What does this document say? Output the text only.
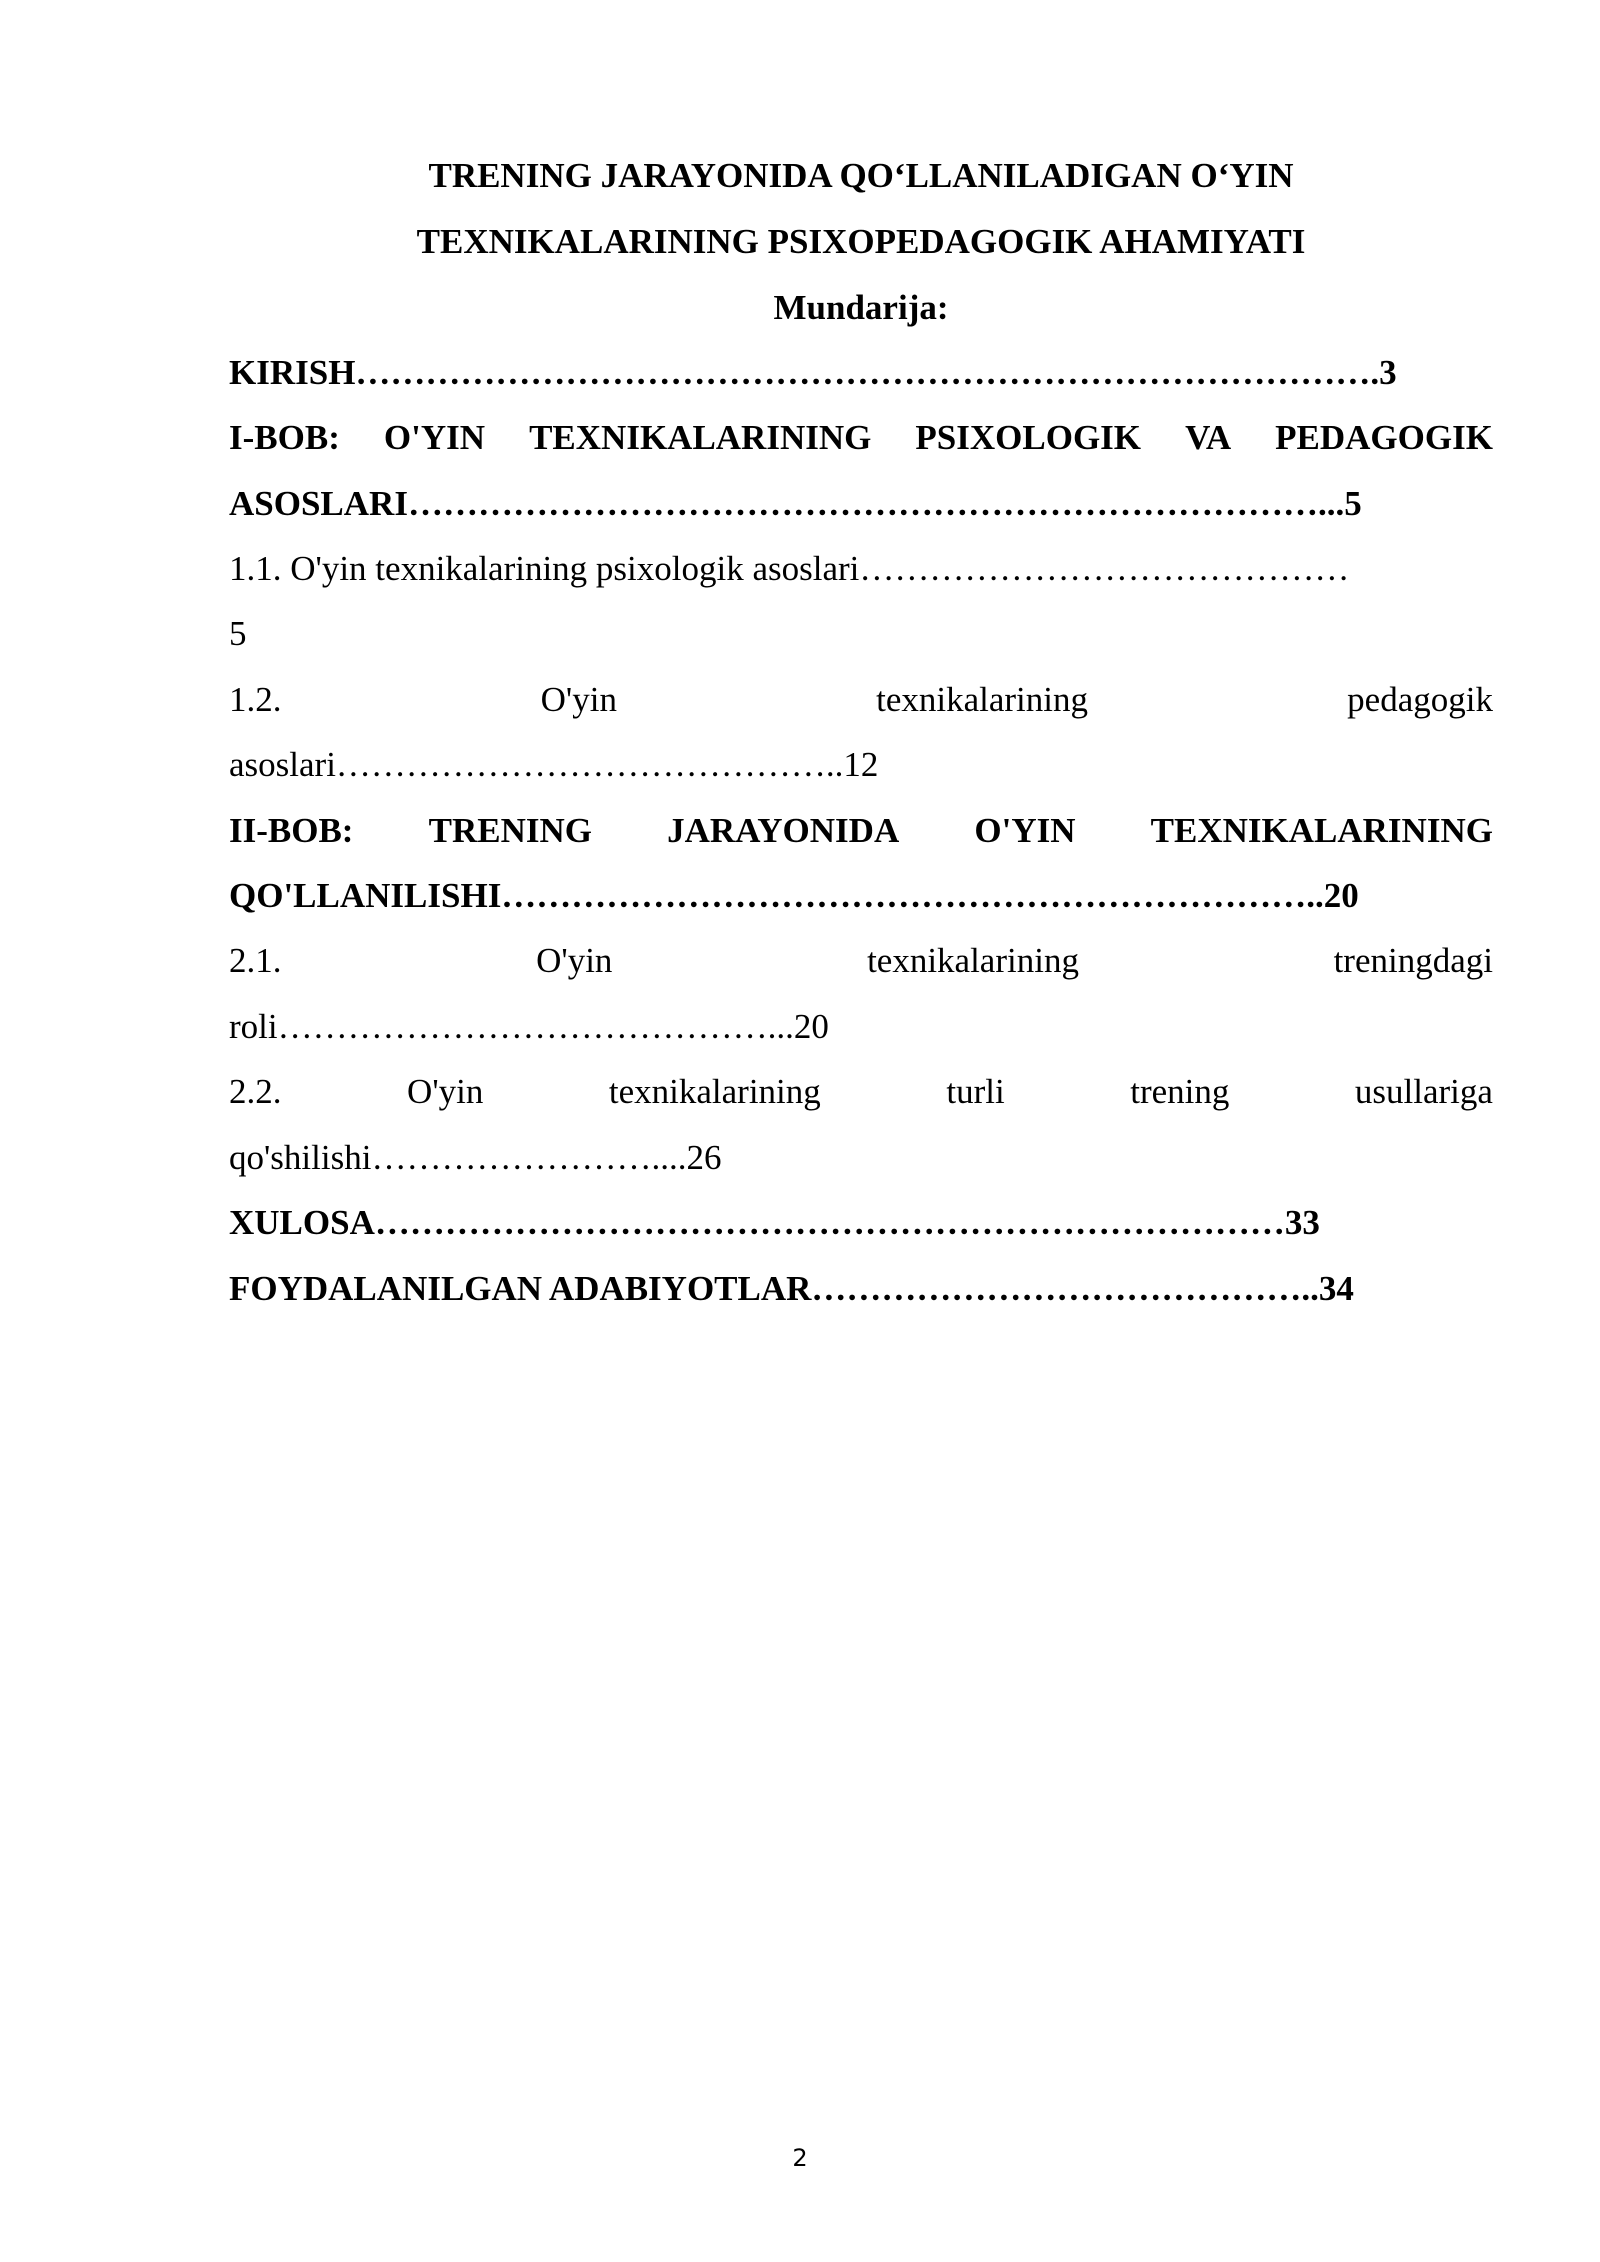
TRENING JARAYONIDA QO‘LLANILADIGAN O‘YIN
TEXNIKALARINING PSIXOPEDAGOGIK AHAMIYATI
Mundarija:
KIRISH…………………………………………………………………………….3
I-BOB: O'YIN TEXNIKALARINING PSIXOLOGIK VA PEDAGOGIK
ASOSLARI……………………………………………………………………...5
1.1. O'yin texnikalarining psixologik asoslari……………………………………
5
1.2.	O'yin	texnikalarining	pedagogik
asoslari……………………………………..12
II-BOB: TRENING JARAYONIDA O'YIN TEXNIKALARINING
QO'LLANILISHI……………………………………………………………..20
2.1.	O'yin	texnikalarining	treningdagi
roli……………………………………...20
2.2.	O'yin	texnikalarining	turli	trening	usullariga
qo'shilishi……………………....26
XULOSA……………………………………………………………………33
FOYDALANILGAN ADABIYOTLAR……………………………………..34
2
